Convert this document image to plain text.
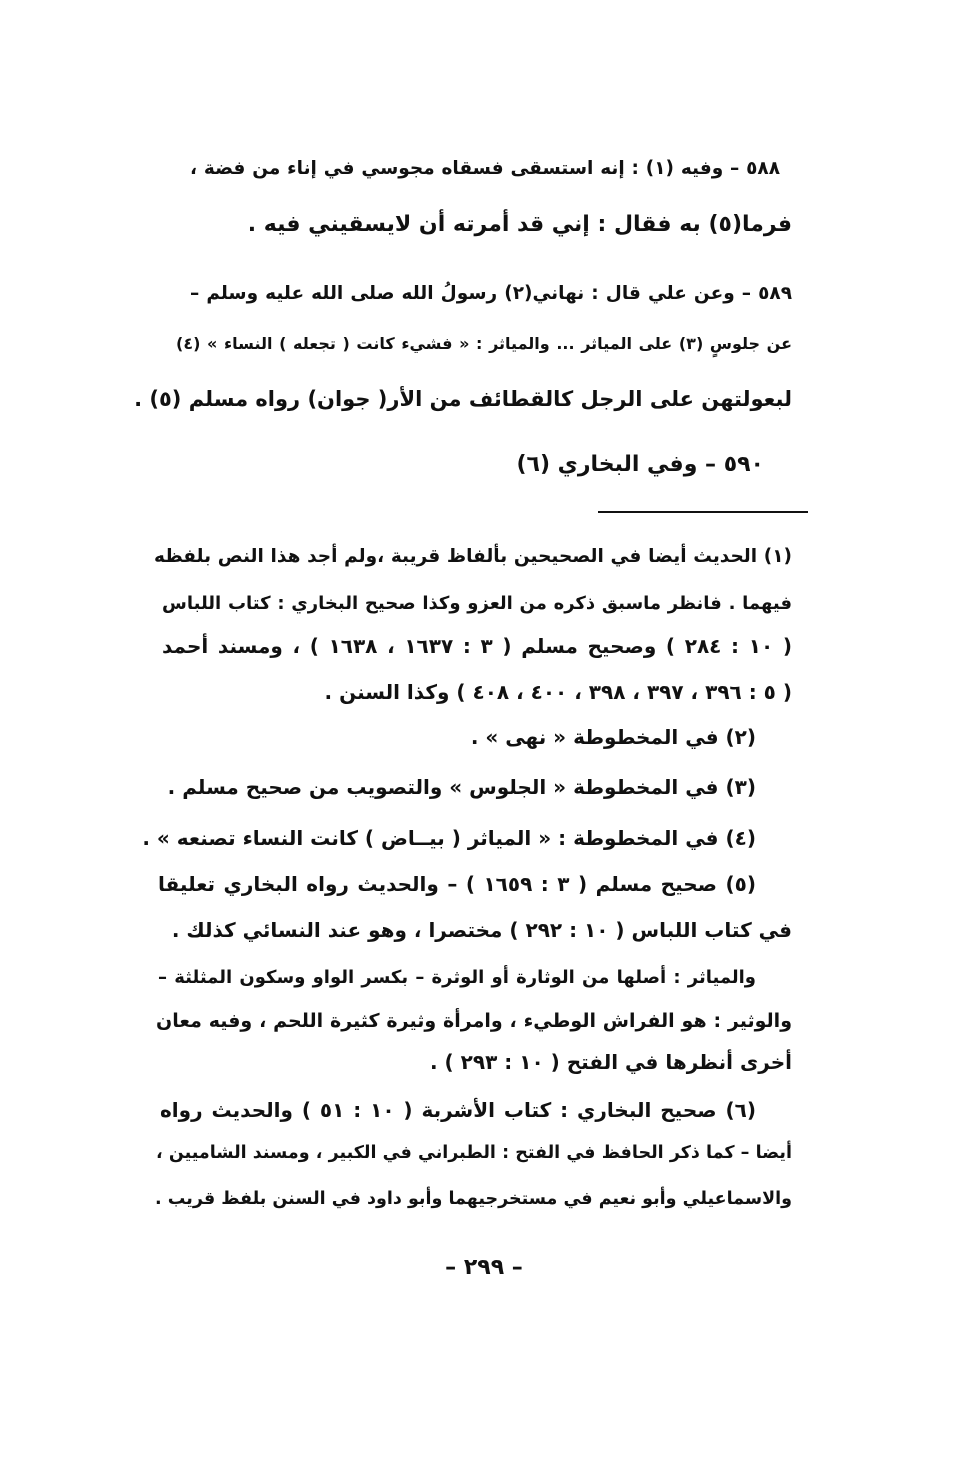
٥٨٨ – وفيه (١) : إنه استسقى فسقاه مجوسي في إناء من فضة ،
فرما(٥) به فقال : إني قد أمرته أن لايسقيني فيه .
٥٨٩ – وعن علي قال : نهاني(٢) رسولُ الله صلى الله عليه وسلم –
عن جلوسٍ (٣) على المياثر ... والمياثر : « فشيء كانت ( تجعله ) النساء » (٤)
لبعولتهن على الرجل كالقطائف من الأر( جوان) رواه مسلم (٥) .
٥٩٠ – وفي البخاري (٦)
(١) الحديث أيضا في الصحيحين بألفاظ قريبة ،ولم أجد هذا النص بلفظه
فيهما . فانظر ماسبق ذكره من العزو وكذا صحيح البخاري : كتاب اللباس
( ١٠ : ٢٨٤ ) وصحيح مسلم ( ٣ : ١٦٣٧ ، ١٦٣٨ ) ، ومسند أحمد
( ٥ : ٣٩٦ ، ٣٩٧ ، ٣٩٨ ، ٤٠٠ ، ٤٠٨ ) وكذا السنن .
(٢) في المخطوطة « نهى » .
(٣) في المخطوطة « الجلوس » والتصويب من صحيح مسلم .
(٤) في المخطوطة : « المياثر ( بيــاض ) كانت النساء تصنعه » .
(٥) صحيح مسلم ( ٣ : ١٦٥٩ ) – والحديث رواه البخاري تعليقا
في كتاب اللباس ( ١٠ : ٢٩٢ ) مختصرا ، وهو عند النسائي كذلك .
والمياثر : أصلها من الوثارة أو الوثرة – بكسر الواو وسكون المثلثة –
والوثير : هو الفراش الوطيء ، وامرأة وثيرة كثيرة اللحم ، وفيه معان
أخرى أنظرها في الفتح ( ١٠ : ٢٩٣ ) .
(٦) صحيح البخاري : كتاب الأشربة ( ١٠ : ٥١ ) والحديث رواه
أيضا – كما ذكر الحافظ في الفتح : الطبراني في الكبير ، ومسند الشاميين ،
والاسماعيلي وأبو نعيم في مستخرجيهما وأبو داود في السنن بلفظ قريب .
– ٢٩٩ –
